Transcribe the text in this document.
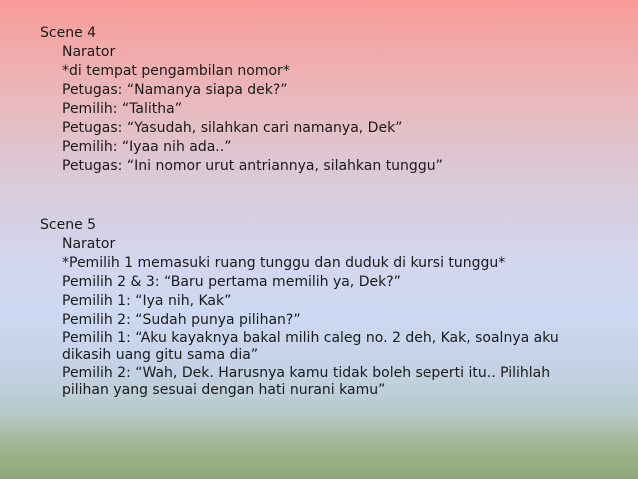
Scene 4

Narator
*di tempat pengambilan nomor*
Petugas: “Namanya siapa dek?”
Pemilih: “Talitha”
Petugas: “Yasudah, silahkan cari namanya, Dek”
Pemilih: “Iyaa nih ada..”
Petugas: “Ini nomor urut antriannya, silahkan tunggu”

Scene 5

Narator
*Pemilih 1 memasuki ruang tunggu dan duduk di kursi tunggu*
Pemilih 2 & 3: “Baru pertama memilih ya, Dek?”
Pemilih 1: “Iya nih, Kak”
Pemilih 2: “Sudah punya pilihan?”
Pemilih 1: “Aku kayaknya bakal milih caleg no. 2 deh, Kak, soalnya aku dikasih uang gitu sama dia”
Pemilih 2: “Wah, Dek. Harusnya kamu tidak boleh seperti itu.. Pilihlah pilihan yang sesuai dengan hati nurani kamu”
